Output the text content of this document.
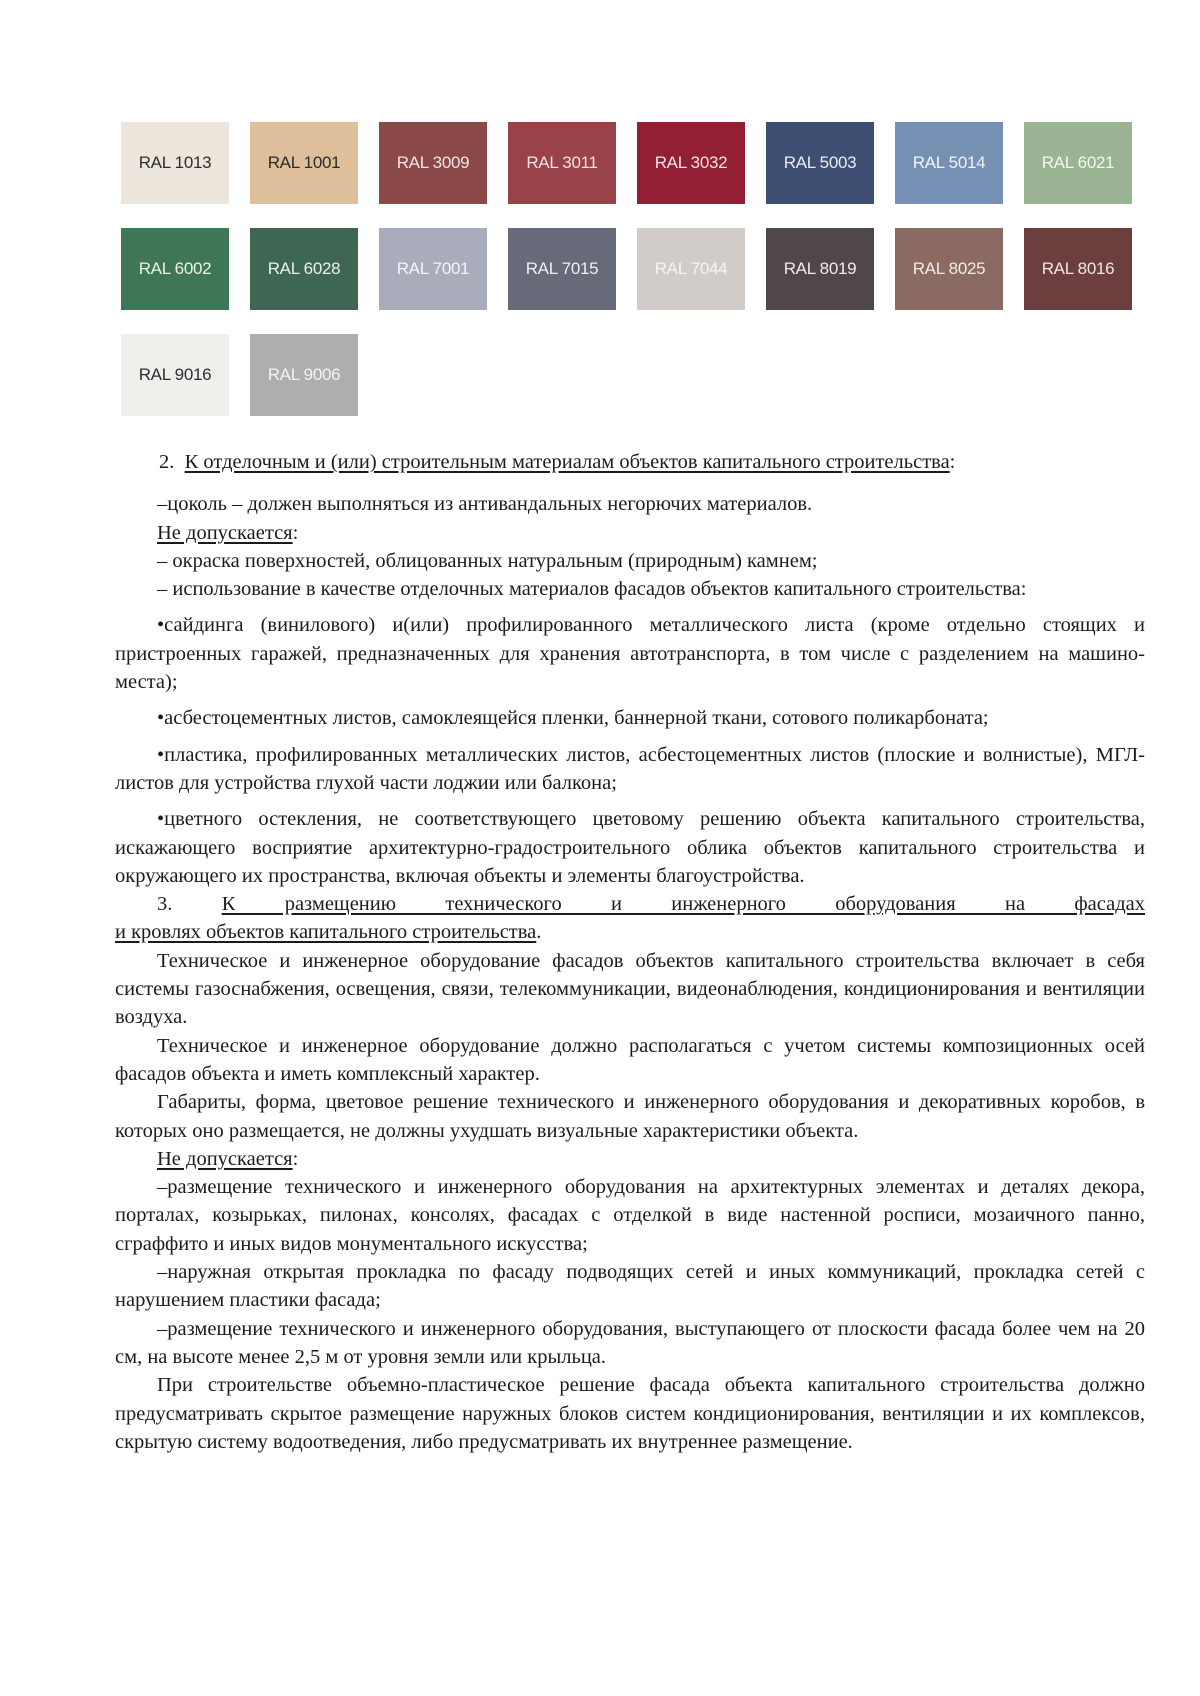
RAL 1013	RAL 1001	RAL 3009	RAL 3011	RAL 3032	RAL 5003	RAL 5014	RAL 6021
RAL 6002	RAL 6028	RAL 7001	RAL 7015	RAL 7044	RAL 8019	RAL 8025	RAL 8016
RAL 9016	RAL 9006
2. К отделочным и (или) строительным материалам объектов капитального строительства:
–цоколь – должен выполняться из антивандальных негорючих материалов.
Не допускается:
– окраска поверхностей, облицованных натуральным (природным) камнем;
– использование в качестве отделочных материалов фасадов объектов капитального строительства:
•сайдинга (винилового) и(или) профилированного металлического листа (кроме отдельно стоящих и пристроенных гаражей, предназначенных для хранения автотранспорта, в том числе с разделением на машино-места);
•асбестоцементных листов, самоклеящейся пленки, баннерной ткани, сотового поликарбоната;
•пластика, профилированных металлических листов, асбестоцементных листов (плоские и волнистые), МГЛ-листов для устройства глухой части лоджии или балкона;
•цветного остекления, не соответствующего цветовому решению объекта капитального строительства, искажающего восприятие архитектурно-градостроительного облика объектов капитального строительства и окружающего их пространства, включая объекты и элементы благоустройства.
3. К размещению технического и инженерного оборудования на фасадах
и кровлях объектов капитального строительства.
Техническое и инженерное оборудование фасадов объектов капитального строительства включает в себя системы газоснабжения, освещения, связи, телекоммуникации, видеонаблюдения, кондиционирования и вентиляции воздуха.
Техническое и инженерное оборудование должно располагаться с учетом системы композиционных осей фасадов объекта и иметь комплексный характер.
Габариты, форма, цветовое решение технического и инженерного оборудования и декоративных коробов, в которых оно размещается, не должны ухудшать визуальные характеристики объекта.
Не допускается:
–размещение технического и инженерного оборудования на архитектурных элементах и деталях декора, порталах, козырьках, пилонах, консолях, фасадах с отделкой в виде настенной росписи, мозаичного панно, сграффито и иных видов монументального искусства;
–наружная открытая прокладка по фасаду подводящих сетей и иных коммуникаций, прокладка сетей с нарушением пластики фасада;
–размещение технического и инженерного оборудования, выступающего от плоскости фасада более чем на 20 см, на высоте менее 2,5 м от уровня земли или крыльца.
При строительстве объемно-пластическое решение фасада объекта капитального строительства должно предусматривать скрытое размещение наружных блоков систем кондиционирования, вентиляции и их комплексов, скрытую систему водоотведения, либо предусматривать их внутреннее размещение.
